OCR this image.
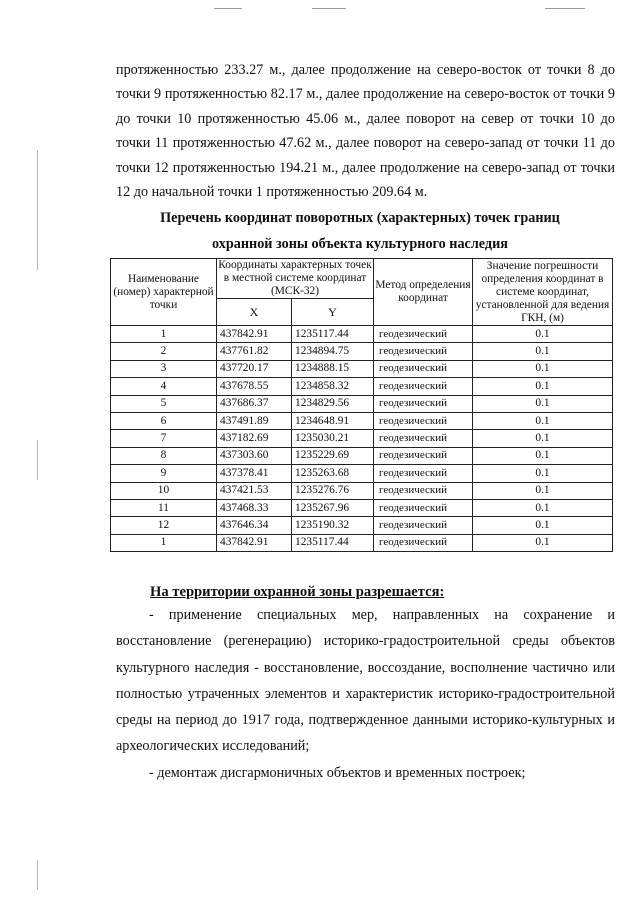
протяженностью 233.27 м., далее продолжение на северо-восток от точки 8 до точки 9 протяженностью 82.17 м., далее продолжение на северо-восток от точки 9 до точки 10 протяженностью 45.06 м., далее поворот на север от точки 10 до точки 11 протяженностью 47.62 м., далее поворот на северо-запад от точки 11 до точки 12 протяженностью 194.21 м., далее продолжение на северо-запад от точки 12 до начальной точки 1 протяженностью 209.64 м.

Перечень координат поворотных (характерных) точек границ
охранной зоны объекта культурного наследия
Наименование (номер) характерной точки	Координаты характерных точек в местной системе координат (МСК-32)		Метод определения координат	Значение погрешности определения координат в системе координат, установленной для ведения ГКН, (м)
	X	Y		
1	437842.91	1235117.44	геодезический	0.1
2	437761.82	1234894.75	геодезический	0.1
3	437720.17	1234888.15	геодезический	0.1
4	437678.55	1234858.32	геодезический	0.1
5	437686.37	1234829.56	геодезический	0.1
6	437491.89	1234648.91	геодезический	0.1
7	437182.69	1235030.21	геодезический	0.1
8	437303.60	1235229.69	геодезический	0.1
9	437378.41	1235263.68	геодезический	0.1
10	437421.53	1235276.76	геодезический	0.1
11	437468.33	1235267.96	геодезический	0.1
12	437646.34	1235190.32	геодезический	0.1
1	437842.91	1235117.44	геодезический	0.1
На территории охранной зоны разрешается:

- применение специальных мер, направленных на сохранение и восстановление (регенерацию) историко-градостроительной среды объектов культурного наследия - восстановление, воссоздание, восполнение частично или полностью утраченных элементов и характеристик историко-градостроительной среды на период до 1917 года, подтвержденное данными историко-культурных и археологических исследований;

- демонтаж дисгармоничных объектов и временных построек;
